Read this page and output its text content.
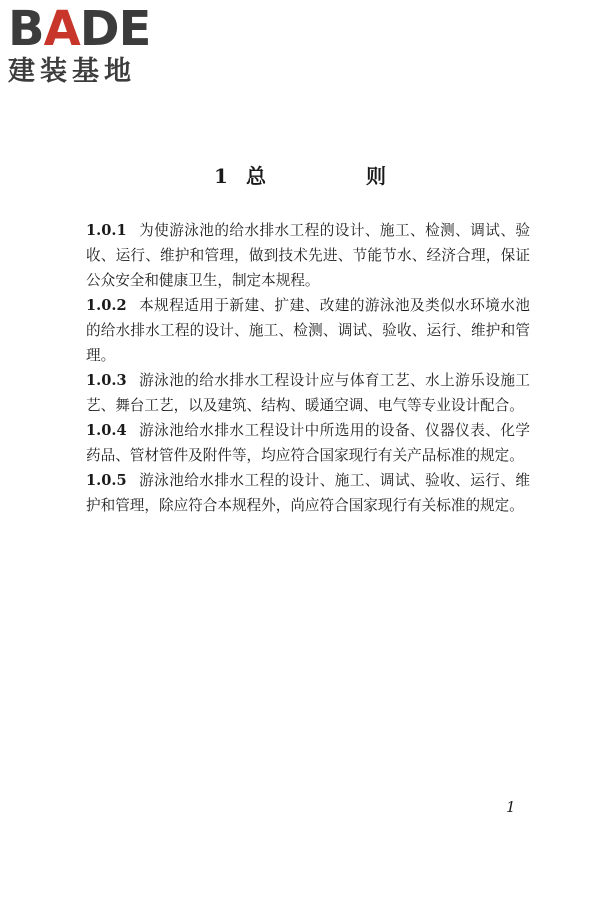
BADE
建装基地
1 总　则

1.0.1 为使游泳池的给水排水工程的设计、施工、检测、调试、验收、运行、维护和管理，做到技术先进、节能节水、经济合理，保证公众安全和健康卫生，制定本规程。

1.0.2 本规程适用于新建、扩建、改建的游泳池及类似水环境水池的给水排水工程的设计、施工、检测、调试、验收、运行、维护和管理。

1.0.3 游泳池的给水排水工程设计应与体育工艺、水上游乐设施工艺、舞台工艺，以及建筑、结构、暖通空调、电气等专业设计配合。

1.0.4 游泳池给水排水工程设计中所选用的设备、仪器仪表、化学药品、管材管件及附件等，均应符合国家现行有关产品标准的规定。

1.0.5 游泳池给水排水工程的设计、施工、调试、验收、运行、维护和管理，除应符合本规程外，尚应符合国家现行有关标准的规定。

1
